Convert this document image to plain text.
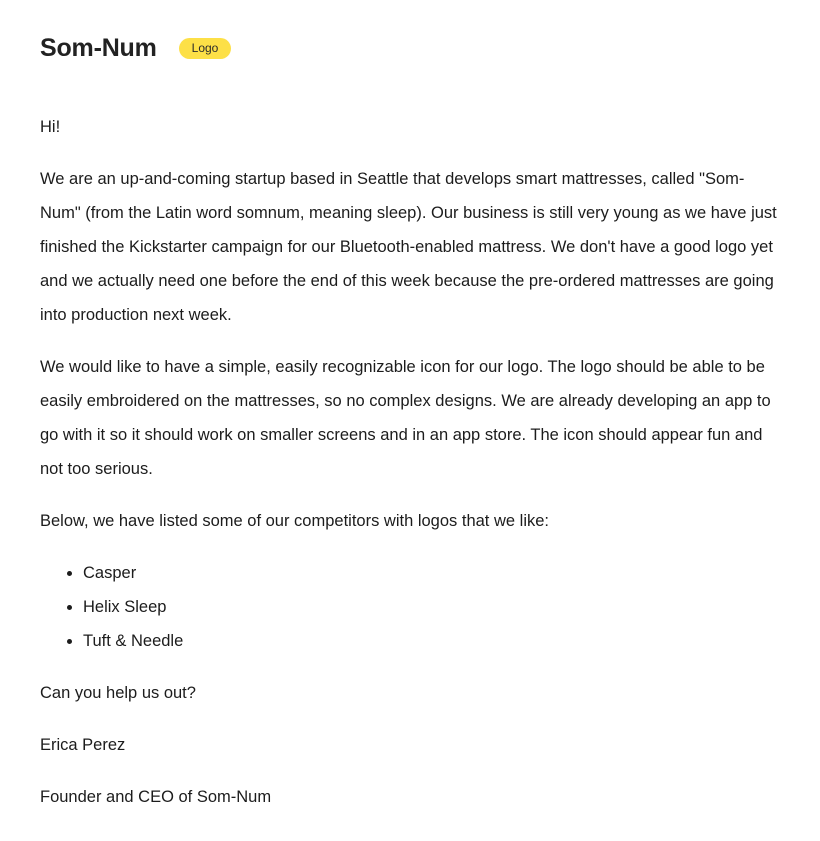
Som-Num	Logo

Hi!

We are an up-and-coming startup based in Seattle that develops smart mattresses, called "Som-Num" (from the Latin word somnum, meaning sleep). Our business is still very young as we have just finished the Kickstarter campaign for our Bluetooth-enabled mattress. We don't have a good logo yet and we actually need one before the end of this week because the pre-ordered mattresses are going into production next week.

We would like to have a simple, easily recognizable icon for our logo. The logo should be able to be easily embroidered on the mattresses, so no complex designs. We are already developing an app to go with it so it should work on smaller screens and in an app store. The icon should appear fun and not too serious.

Below, we have listed some of our competitors with logos that we like:

• Casper
• Helix Sleep
• Tuft & Needle

Can you help us out?

Erica Perez

Founder and CEO of Som-Num
